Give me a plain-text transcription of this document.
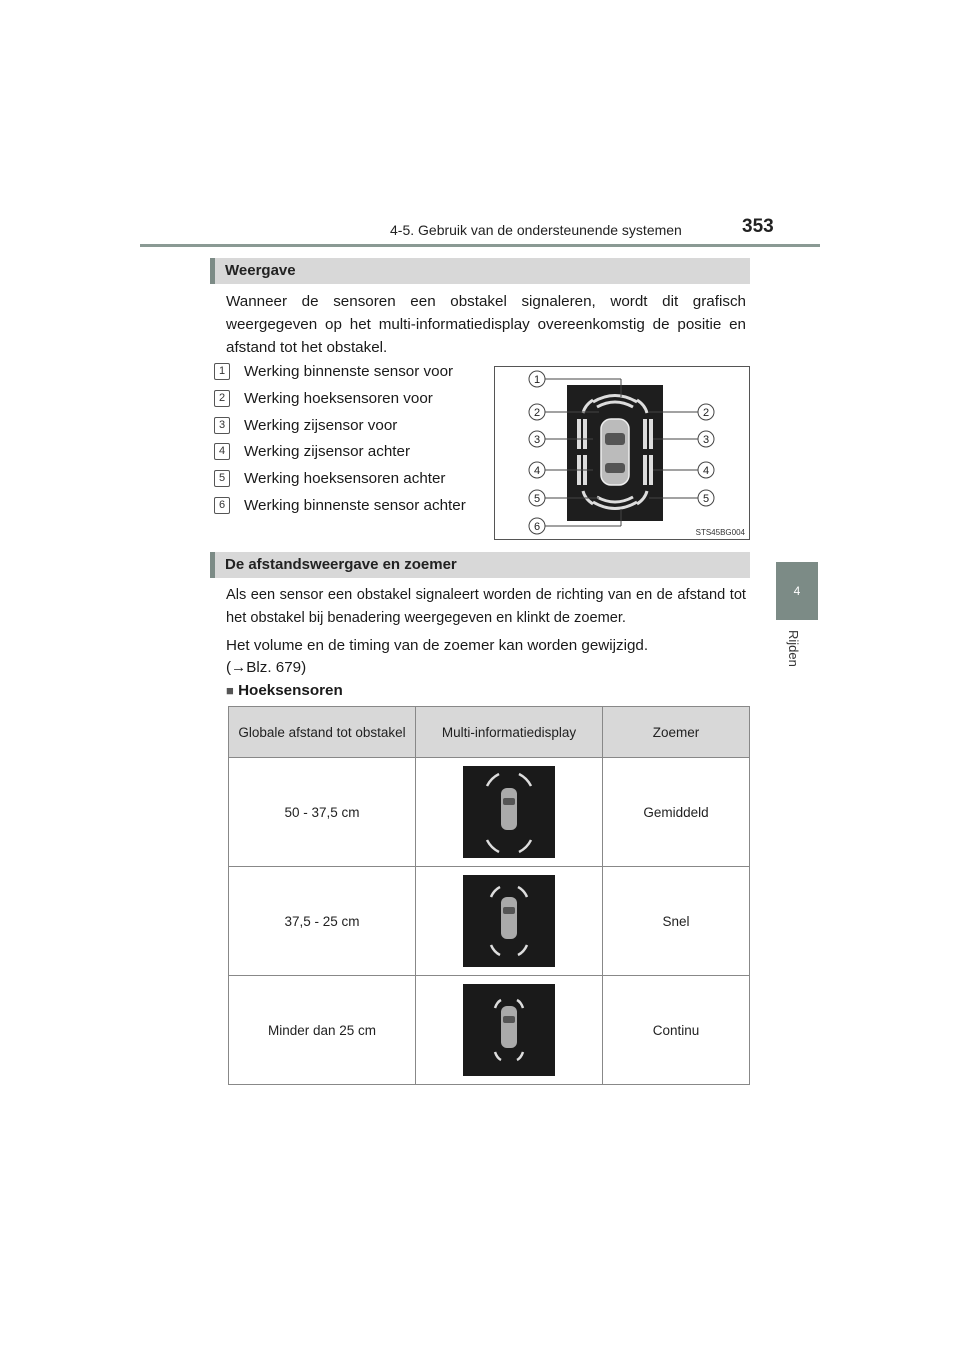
4-5. Gebruik van de ondersteunende systemen	353
4
Rijden
Weergave
Wanneer de sensoren een obstakel signaleren, wordt dit grafisch weergegeven op het multi-informatiedisplay overeenkomstig de positie en afstand tot het obstakel.
1	Werking binnenste sensor voor
2	Werking hoeksensoren voor
3	Werking zijsensor voor
4	Werking zijsensor achter
5	Werking hoeksensoren achter
6	Werking binnenste sensor achter
1
2	2
3	3
4	4
5	5
6	STS45BG004
De afstandsweergave en zoemer
Als een sensor een obstakel signaleert worden de richting van en de afstand tot het obstakel bij benadering weergegeven en klinkt de zoemer.
Het volume en de timing van de zoemer kan worden gewijzigd.
(→Blz. 679)
■ Hoeksensoren
Globale afstand tot obstakel	Multi-informatiedisplay	Zoemer
50 - 37,5 cm		Gemiddeld
37,5 - 25 cm		Snel
Minder dan 25 cm		Continu
